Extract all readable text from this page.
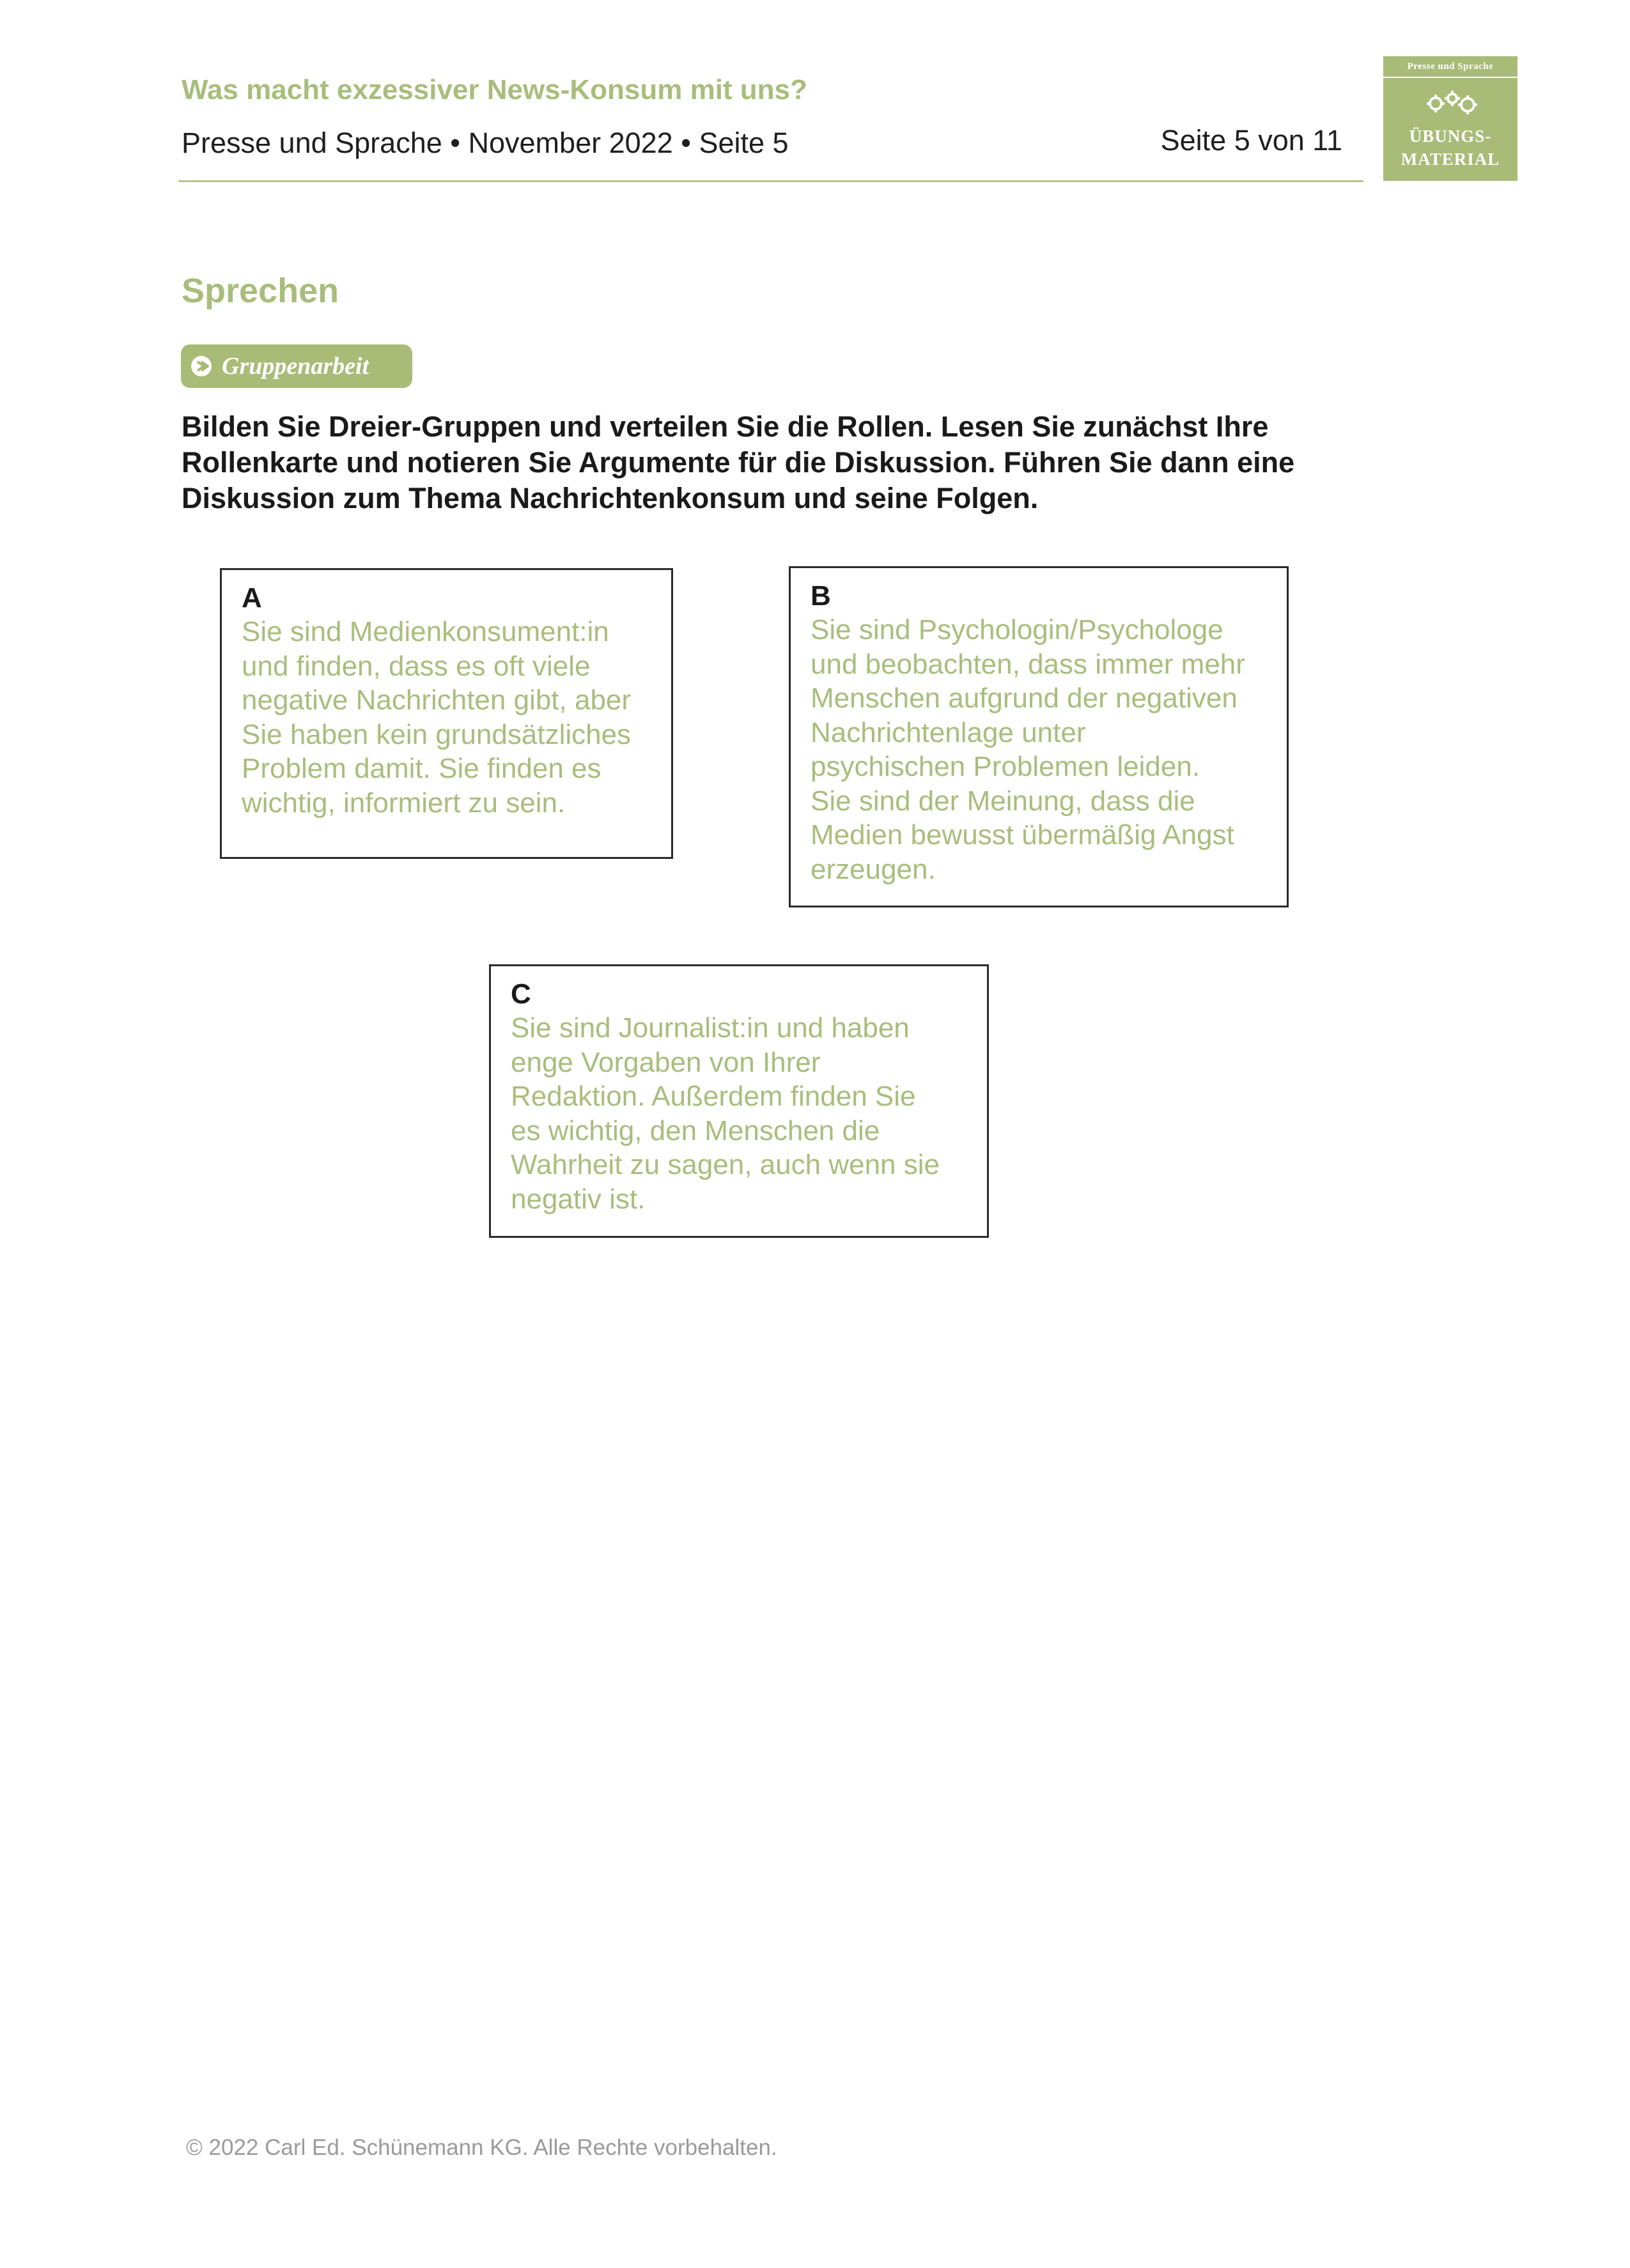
Was macht exzessiver News-Konsum mit uns?
Presse und Sprache • November 2022 • Seite 5	Seite 5 von 11
Presse und Sprache
ÜBUNGS-
MATERIAL
Sprechen
Gruppenarbeit
Bilden Sie Dreier-Gruppen und verteilen Sie die Rollen. Lesen Sie zunächst Ihre
Rollenkarte und notieren Sie Argumente für die Diskussion. Führen Sie dann eine
Diskussion zum Thema Nachrichtenkonsum und seine Folgen.
A
Sie sind Medienkonsument:in
und finden, dass es oft viele
negative Nachrichten gibt, aber
Sie haben kein grundsätzliches
Problem damit. Sie finden es
wichtig, informiert zu sein.
B
Sie sind Psychologin/Psychologe
und beobachten, dass immer mehr
Menschen aufgrund der negativen
Nachrichtenlage unter
psychischen Problemen leiden.
Sie sind der Meinung, dass die
Medien bewusst übermäßig Angst
erzeugen.
C
Sie sind Journalist:in und haben
enge Vorgaben von Ihrer
Redaktion. Außerdem finden Sie
es wichtig, den Menschen die
Wahrheit zu sagen, auch wenn sie
negativ ist.
© 2022 Carl Ed. Schünemann KG. Alle Rechte vorbehalten.
